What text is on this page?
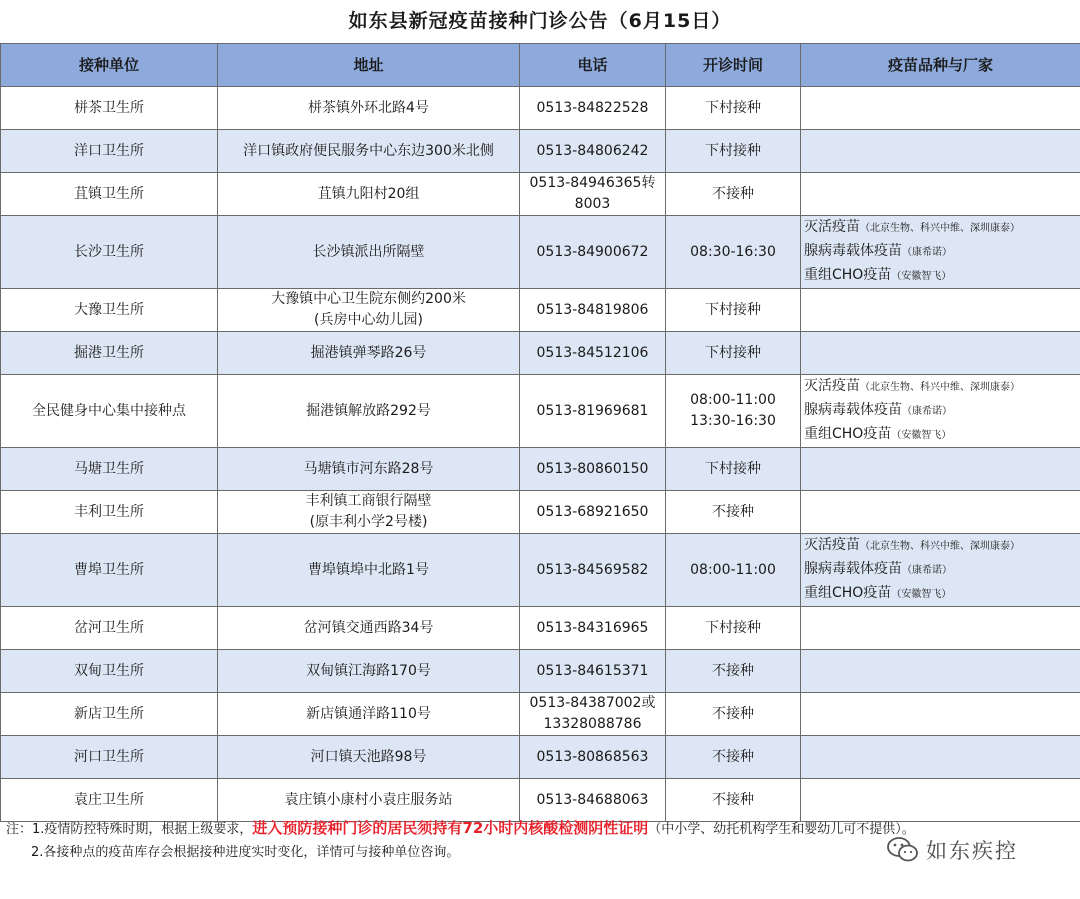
如东县新冠疫苗接种门诊公告（6月15日）
接种单位	地址	电话	开诊时间	疫苗品种与厂家
栟茶卫生所	栟茶镇外环北路4号	0513-84822528	下村接种	

洋口卫生所	洋口镇政府便民服务中心东边300米北侧	0513-84806242	下村接种	

苴镇卫生所	苴镇九阳村20组	0513-84946365转
8003	不接种	

长沙卫生所	长沙镇派出所隔壁	0513-84900672	08:30-16:30	灭活疫苗（北京生物、科兴中维、深圳康泰）
腺病毒载体疫苗（康希诺）
重组CHO疫苗（安徽智飞）

大豫卫生所	大豫镇中心卫生院东侧约200米
(兵房中心幼儿园)	0513-84819806	下村接种	

掘港卫生所	掘港镇弹琴路26号	0513-84512106	下村接种	

全民健身中心集中接种点	掘港镇解放路292号	0513-81969681	08:00-11:00
13:30-16:30	灭活疫苗（北京生物、科兴中维、深圳康泰）
腺病毒载体疫苗（康希诺）
重组CHO疫苗（安徽智飞）

马塘卫生所	马塘镇市河东路28号	0513-80860150	下村接种	

丰利卫生所	丰利镇工商银行隔壁
(原丰利小学2号楼)	0513-68921650	不接种	

曹埠卫生所	曹埠镇埠中北路1号	0513-84569582	08:00-11:00	灭活疫苗（北京生物、科兴中维、深圳康泰）
腺病毒载体疫苗（康希诺）
重组CHO疫苗（安徽智飞）

岔河卫生所	岔河镇交通西路34号	0513-84316965	下村接种	

双甸卫生所	双甸镇江海路170号	0513-84615371	不接种	

新店卫生所	新店镇通洋路110号	0513-84387002或
13328088786	不接种	

河口卫生所	河口镇天池路98号	0513-80868563	不接种	

袁庄卫生所	袁庄镇小康村小袁庄服务站	0513-84688063	不接种	

注：1.疫情防控特殊时期，根据上级要求，进入预防接种门诊的居民须持有72小时内核酸检测阴性证明（中小学、幼托机构学生和婴幼儿可不提供）。
2.各接种点的疫苗库存会根据接种进度实时变化，详情可与接种单位咨询。	如东疾控
